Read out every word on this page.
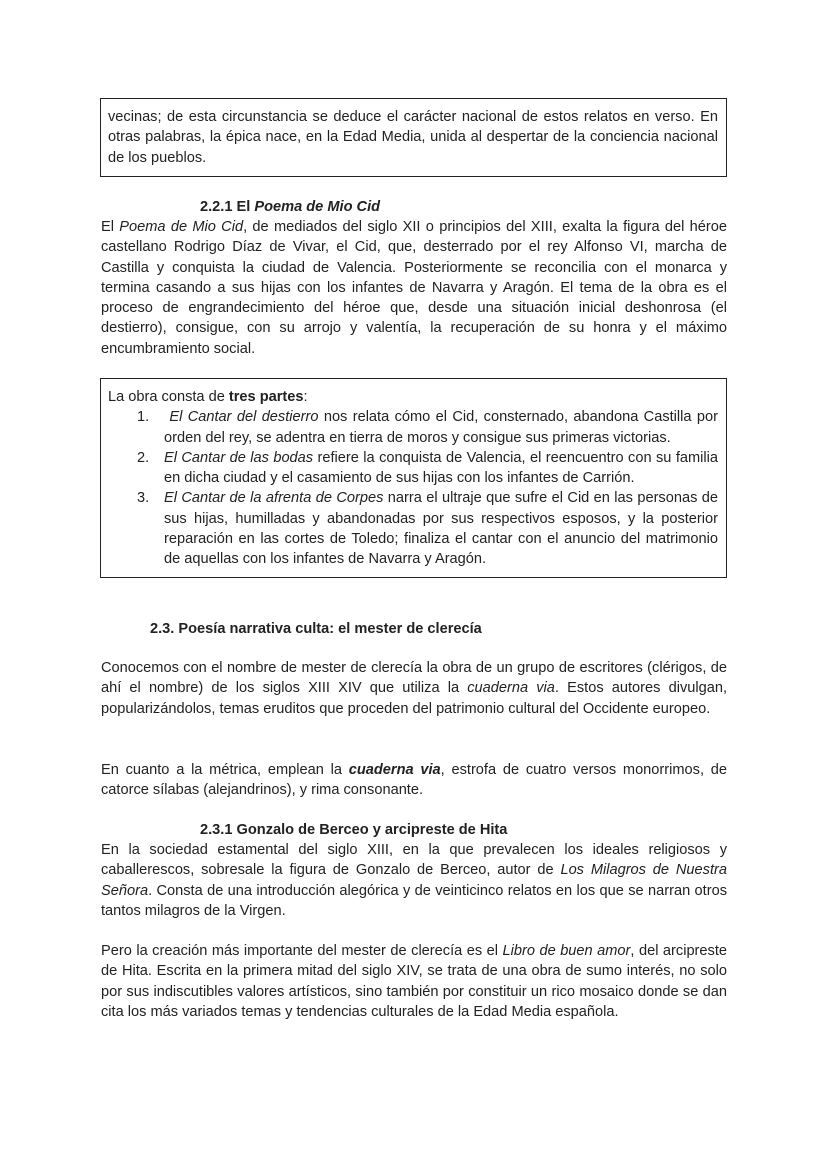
vecinas; de esta circunstancia se deduce el carácter nacional de estos relatos en verso. En otras palabras, la épica nace, en la Edad Media, unida al despertar de la conciencia nacional de los pueblos.

2.2.1 El Poema de Mio Cid

El Poema de Mio Cid, de mediados del siglo XII o principios del XIII, exalta la figura del héroe castellano Rodrigo Díaz de Vivar, el Cid, que, desterrado por el rey Alfonso VI, marcha de Castilla y conquista la ciudad de Valencia. Posteriormente se reconcilia con el monarca y termina casando a sus hijas con los infantes de Navarra y Aragón. El tema de la obra es el proceso de engrandecimiento del héroe que, desde una situación inicial deshonrosa (el destierro), consigue, con su arrojo y valentía, la recuperación de su honra y el máximo encumbramiento social.

La obra consta de tres partes:

1. El Cantar del destierro nos relata cómo el Cid, consternado, abandona Castilla por orden del rey, se adentra en tierra de moros y consigue sus primeras victorias.
2. El Cantar de las bodas refiere la conquista de Valencia, el reencuentro con su familia en dicha ciudad y el casamiento de sus hijas con los infantes de Carrión.
3. El Cantar de la afrenta de Corpes narra el ultraje que sufre el Cid en las personas de sus hijas, humilladas y abandonadas por sus respectivos esposos, y la posterior reparación en las cortes de Toledo; finaliza el cantar con el anuncio del matrimonio de aquellas con los infantes de Navarra y Aragón.
2.3. Poesía narrativa culta: el mester de clerecía

Conocemos con el nombre de mester de clerecía la obra de un grupo de escritores (clérigos, de ahí el nombre) de los siglos XIII XIV que utiliza la cuaderna via. Estos autores divulgan, popularizándolos, temas eruditos que proceden del patrimonio cultural del Occidente europeo.

En cuanto a la métrica, emplean la cuaderna via, estrofa de cuatro versos monorrimos, de catorce sílabas (alejandrinos), y rima consonante.

2.3.1 Gonzalo de Berceo y arcipreste de Hita

En la sociedad estamental del siglo XIII, en la que prevalecen los ideales religiosos y caballerescos, sobresale la figura de Gonzalo de Berceo, autor de Los Milagros de Nuestra Señora. Consta de una introducción alegórica y de veinticinco relatos en los que se narran otros tantos milagros de la Virgen.

Pero la creación más importante del mester de clerecía es el Libro de buen amor, del arcipreste de Hita. Escrita en la primera mitad del siglo XIV, se trata de una obra de sumo interés, no solo por sus indiscutibles valores artísticos, sino también por constituir un rico mosaico donde se dan cita los más variados temas y tendencias culturales de la Edad Media española.
